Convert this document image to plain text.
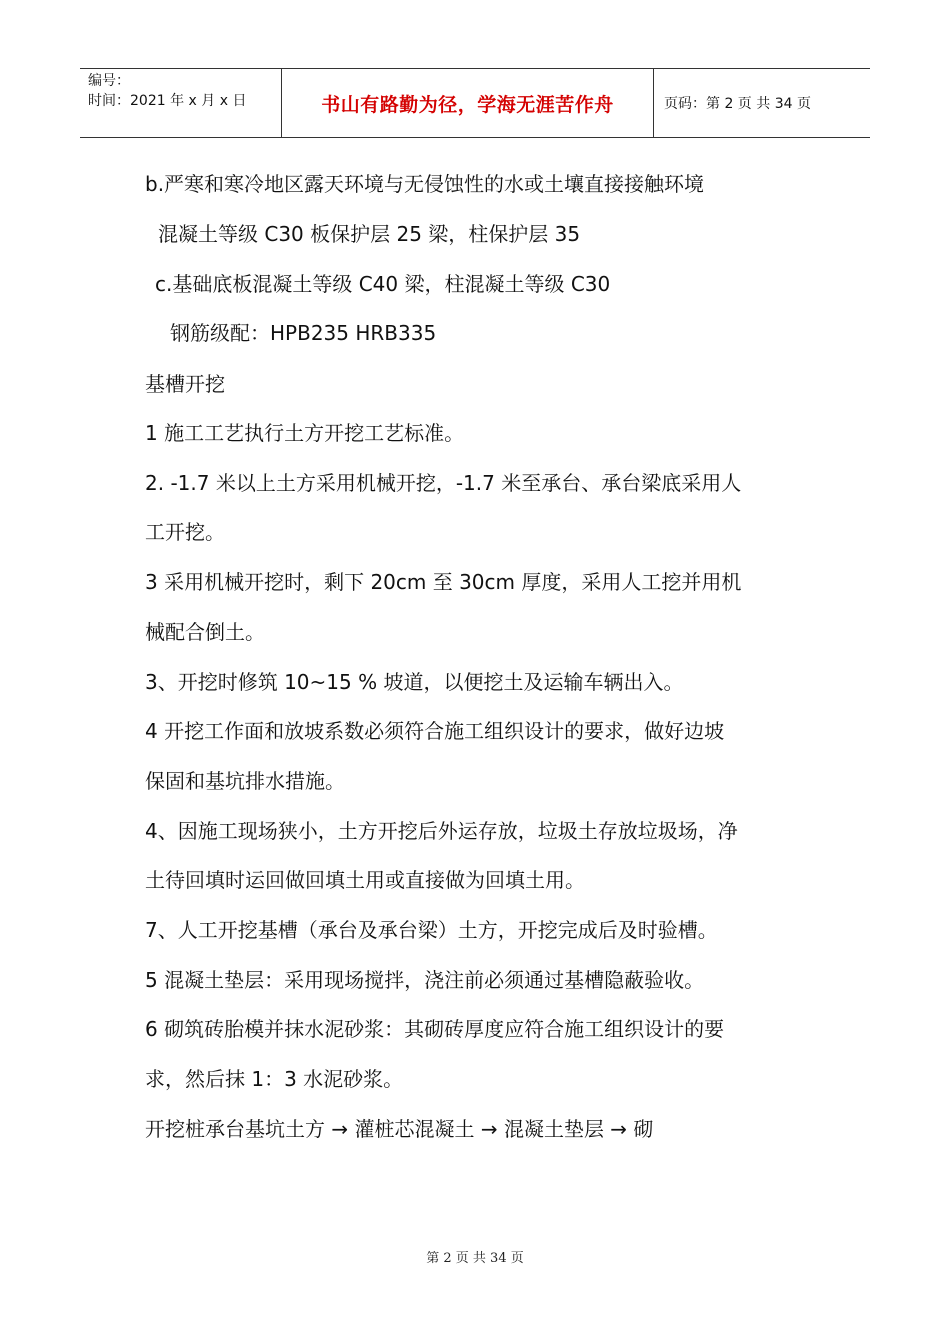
编号：
时间：2021 年 x 月 x 日	书山有路勤为径，学海无涯苦作舟	页码：第 2 页 共 34 页
b.严寒和寒冷地区露天环境与无侵蚀性的水或土壤直接接触环境
混凝土等级 C30 板保护层 25 梁，柱保护层 35
c.基础底板混凝土等级 C40 梁，柱混凝土等级 C30
钢筋级配：HPB235 HRB335
基槽开挖
1 施工工艺执行土方开挖工艺标准。
2. -1.7 米以上土方采用机械开挖，-1.7 米至承台、承台梁底采用人
工开挖。
3 采用机械开挖时，剩下 20cm 至 30cm 厚度，采用人工挖并用机
械配合倒土。
3、开挖时修筑 10~15 % 坡道，以便挖土及运输车辆出入。
4 开挖工作面和放坡系数必须符合施工组织设计的要求，做好边坡
保固和基坑排水措施。
4、因施工现场狭小，土方开挖后外运存放，垃圾土存放垃圾场，净
土待回填时运回做回填土用或直接做为回填土用。
7、人工开挖基槽（承台及承台梁）土方，开挖完成后及时验槽。
5 混凝土垫层：采用现场搅拌，浇注前必须通过基槽隐蔽验收。
6 砌筑砖胎模并抹水泥砂浆：其砌砖厚度应符合施工组织设计的要
求，然后抹 1：3 水泥砂浆。
开挖桩承台基坑土方 → 灌桩芯混凝土 → 混凝土垫层 → 砌
第 2 页 共 34 页
